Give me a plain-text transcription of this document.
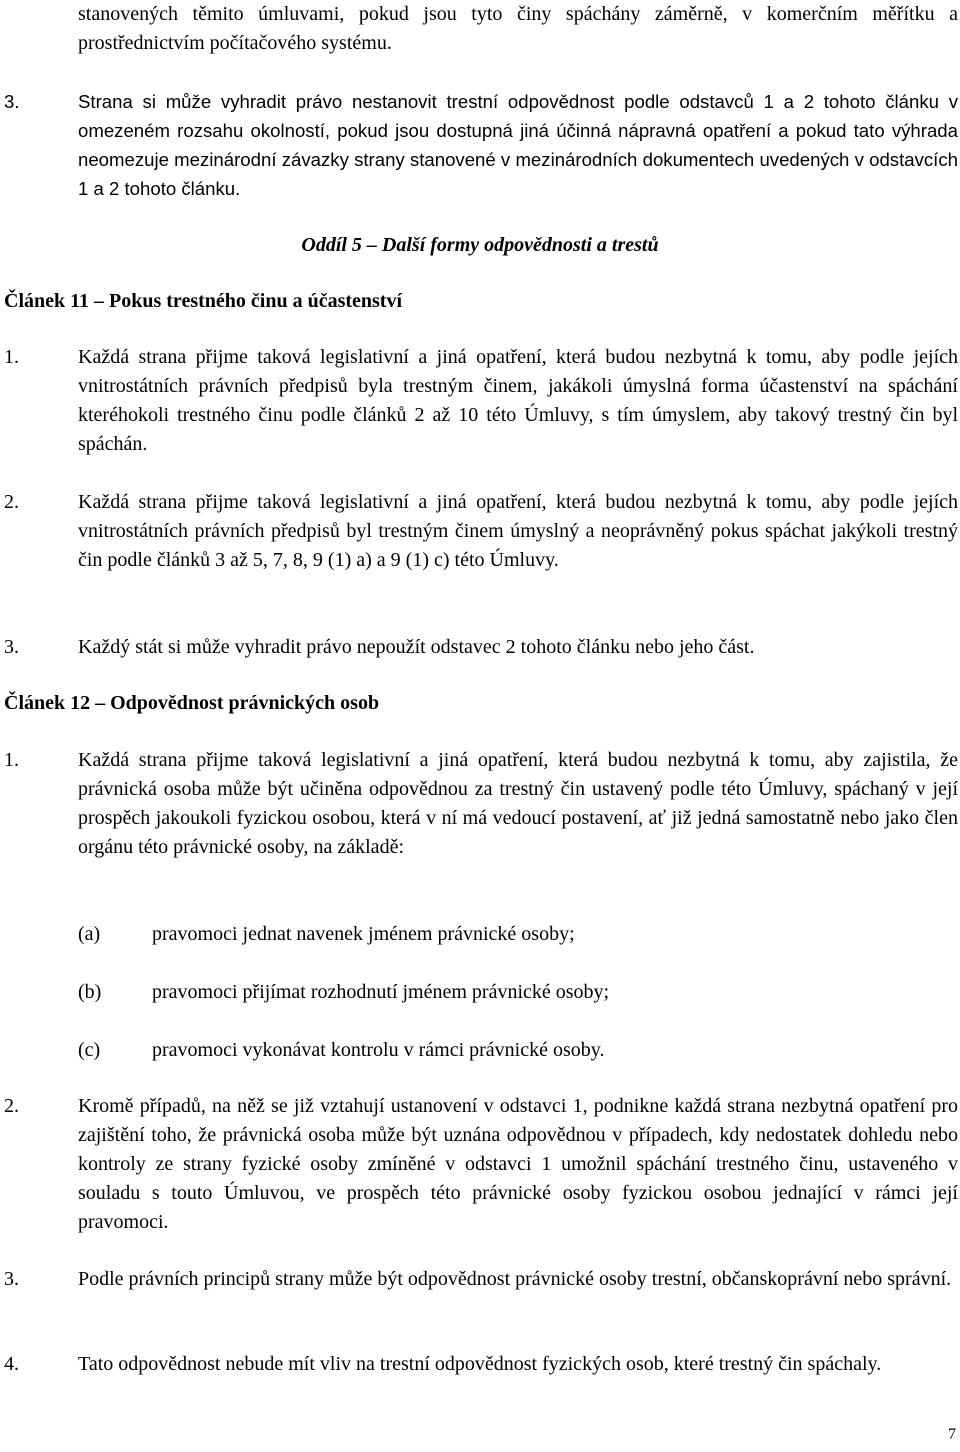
stanovených těmito úmluvami, pokud jsou tyto činy spáchány záměrně, v komerčním měřítku a prostřednictvím počítačového systému.
3.	Strana si může vyhradit právo nestanovit trestní odpovědnost podle odstavců 1 a 2 tohoto článku v omezeném rozsahu okolností, pokud jsou dostupná jiná účinná nápravná opatření a pokud tato výhrada neomezuje mezinárodní závazky strany stanovené v mezinárodních dokumentech uvedených v odstavcích 1 a 2 tohoto článku.
Oddíl 5 – Další formy odpovědnosti a trestů
Článek 11 – Pokus trestného činu a účastenství
1.	Každá strana přijme taková legislativní a jiná opatření, která budou nezbytná k tomu, aby podle jejích vnitrostátních právních předpisů byla trestným činem, jakákoli úmyslná forma účastenství na spáchání kteréhokoli trestného činu podle článků 2 až 10 této Úmluvy, s tím úmyslem, aby takový trestný čin byl spáchán.
2.	Každá strana přijme taková legislativní a jiná opatření, která budou nezbytná k tomu, aby podle jejích vnitrostátních právních předpisů byl trestným činem úmyslný a neoprávněný pokus spáchat jakýkoli trestný čin podle článků 3 až 5, 7, 8, 9 (1) a) a 9 (1) c) této Úmluvy.
3.	Každý stát si může vyhradit právo nepoužít odstavec 2 tohoto článku nebo jeho část.
Článek 12 – Odpovědnost právnických osob
1.	Každá strana přijme taková legislativní a jiná opatření, která budou nezbytná k tomu, aby zajistila, že právnická osoba může být učiněna odpovědnou za trestný čin ustavený podle této Úmluvy, spáchaný v její prospěch jakoukoli fyzickou osobou, která v ní má vedoucí postavení, ať již jedná samostatně nebo jako člen orgánu této právnické osoby, na základě:
(a)	pravomoci jednat navenek jménem právnické osoby;
(b)	pravomoci přijímat rozhodnutí jménem právnické osoby;
(c)	pravomoci vykonávat kontrolu v rámci právnické osoby.
2.	Kromě případů, na něž se již vztahují ustanovení v odstavci 1, podnikne každá strana nezbytná opatření pro zajištění toho, že právnická osoba může být uznána odpovědnou v případech, kdy nedostatek dohledu nebo kontroly ze strany fyzické osoby zmíněné v odstavci 1 umožnil spáchání trestného činu, ustaveného v souladu s touto Úmluvou, ve prospěch této právnické osoby fyzickou osobou jednající v rámci její pravomoci.
3.	Podle právních principů strany může být odpovědnost právnické osoby trestní, občanskoprávní nebo správní.
4.	Tato odpovědnost nebude mít vliv na trestní odpovědnost fyzických osob, které trestný čin spáchaly.
7
